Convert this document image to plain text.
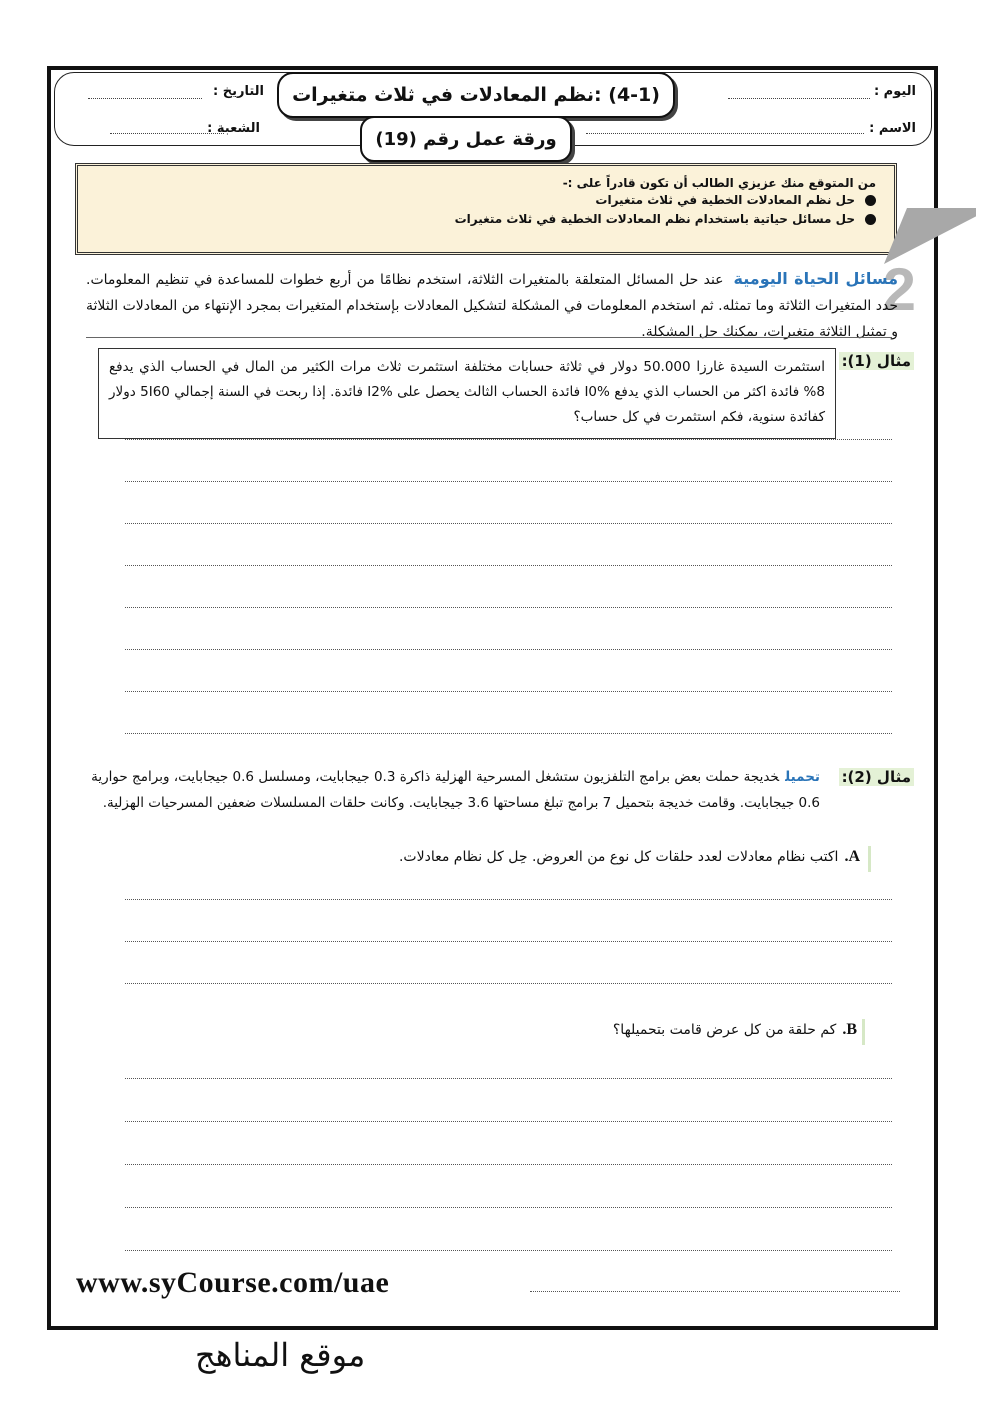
اليوم :
الاسم :
التاريخ :
الشعبة :
(4-1) :نظم المعادلات في ثلاث متغيرات
ورقة عمل رقم (19)
من المتوقع منك عزيزي الطالب أن تكون قادراً على :-
حل نظم المعادلات الخطية في ثلاث متغيرات
حل مسائل حياتية باستخدام نظم المعادلات الخطية في ثلاث متغيرات
2
مسائل الحياة اليوميةعند حل المسائل المتعلقة بالمتغيرات الثلاثة، استخدم نظامًا من أربع خطوات للمساعدة في تنظيم المعلومات. حدد المتغيرات الثلاثة وما تمثله. ثم استخدم المعلومات في المشكلة لتشكيل المعادلات بإستخدام المتغيرات بمجرد الإنتهاء من المعادلات الثلاثة و تمثيل الثلاثة متغيرات، يمكنك حل المشكلة.
مثال (1):
استثمرت السيدة غارزا 50.000 دولار في ثلاثة حسابات مختلفة استثمرت ثلاث مرات الكثير من المال في الحساب الذي يدفع 8% فائدة اكثر من الحساب الذي يدفع I0% فائدة الحساب الثالث يحصل على I2% فائدة. إذا ربحت في السنة إجمالي 5I60 دولار كفائدة سنوية، فكم استثمرت في كل حساب؟
مثال (2):
تحميلخديجة حملت بعض برامج التلفزيون ستشغل المسرحية الهزلية ذاكرة 0.3 جيجابايت، ومسلسل 0.6 جيجابايت، وبرامج حوارية 0.6 جيجابايت. وقامت خديجة بتحميل 7 برامج تبلغ مساحتها 3.6 جيجابايت. وكانت حلقات المسلسلات ضعفين المسرحيات الهزلية.
A.اكتب نظام معادلات لعدد حلقات كل نوع من العروض. حِل كل نظام معادلات.
B.كم حلقة من كل عرض قامت بتحميلها؟
www.syCourse.com/uae
موقع المناهج
